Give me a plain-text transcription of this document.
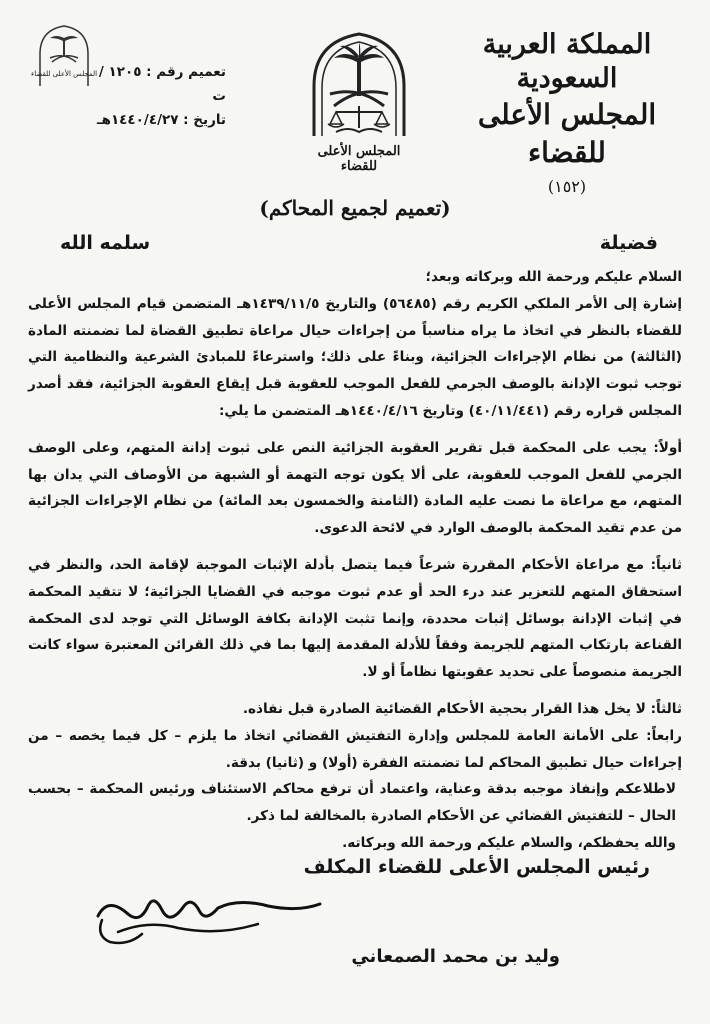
المملكة العربية السعودية
المجلس الأعلى للقضاء
(١٥٢)
المجلس الأعلى للقضاء
المجلس الأعلى للقضاء تعميم رقم : ١٢٠٥ / ت
تاريخ : ١٤٤٠/٤/٢٧هـ
(تعميم لجميع المحاكم)
فضيلة
سلمه الله

السلام عليكم ورحمة الله وبركاته وبعد؛

إشارة إلى الأمر الملكي الكريم رقم (٥٦٤٨٥) والتاريخ ١٤٣٩/١١/٥هـ المتضمن قيام المجلس الأعلى للقضاء بالنظر في اتخاذ ما يراه مناسباً من إجراءات حيال مراعاة تطبيق القضاة لما تضمنته المادة (الثالثة) من نظام الإجراءات الجزائية، وبناءً على ذلك؛ واسترعاءً للمبادئ الشرعية والنظامية التي توجب ثبوت الإدانة بالوصف الجرمي للفعل الموجب للعقوبة قبل إيقاع العقوبة الجزائية، فقد أصدر المجلس قراره رقم (٤٠/١١/٤٤١) وتاريخ ١٤٤٠/٤/١٦هـ المتضمن ما يلي:

أولاً: يجب على المحكمة قبل تقرير العقوبة الجزائية النص على ثبوت إدانة المتهم، وعلى الوصف الجرمي للفعل الموجب للعقوبة، على ألا يكون توجه التهمة أو الشبهة من الأوصاف التي يدان بها المتهم، مع مراعاة ما نصت عليه المادة (الثامنة والخمسون بعد المائة) من نظام الإجراءات الجزائية من عدم تقيد المحكمة بالوصف الوارد في لائحة الدعوى.

ثانياً: مع مراعاة الأحكام المقررة شرعاً فيما يتصل بأدلة الإثبات الموجبة لإقامة الحد، والنظر في استحقاق المتهم للتعزير عند درء الحد أو عدم ثبوت موجبه في القضايا الجزائية؛ لا تتقيد المحكمة في إثبات الإدانة بوسائل إثبات محددة، وإنما تثبت الإدانة بكافة الوسائل التي توجد لدى المحكمة القناعة بارتكاب المتهم للجريمة وفقاً للأدلة المقدمة إليها بما في ذلك القرائن المعتبرة سواء كانت الجريمة منصوصاً على تحديد عقوبتها نظاماً أو لا.

ثالثاً: لا يخل هذا القرار بحجية الأحكام القضائية الصادرة قبل نفاذه.

رابعاً: على الأمانة العامة للمجلس وإدارة التفتيش القضائي اتخاذ ما يلزم – كل فيما يخصه – من إجراءات حيال تطبيق المحاكم لما تضمنته الفقرة (أولا) و (ثانيا) بدقة.

لاطلاعكم وإنفاذ موجبه بدقة وعناية، واعتماد أن ترفع محاكم الاستئناف ورئيس المحكمة – بحسب الحال – للتفتيش القضائي عن الأحكام الصادرة بالمخالفة لما ذكر.

والله يحفظكم، والسلام عليكم ورحمة الله وبركاته.

رئيس المجلس الأعلى للقضاء المكلف
وليد بن محمد الصمعاني
